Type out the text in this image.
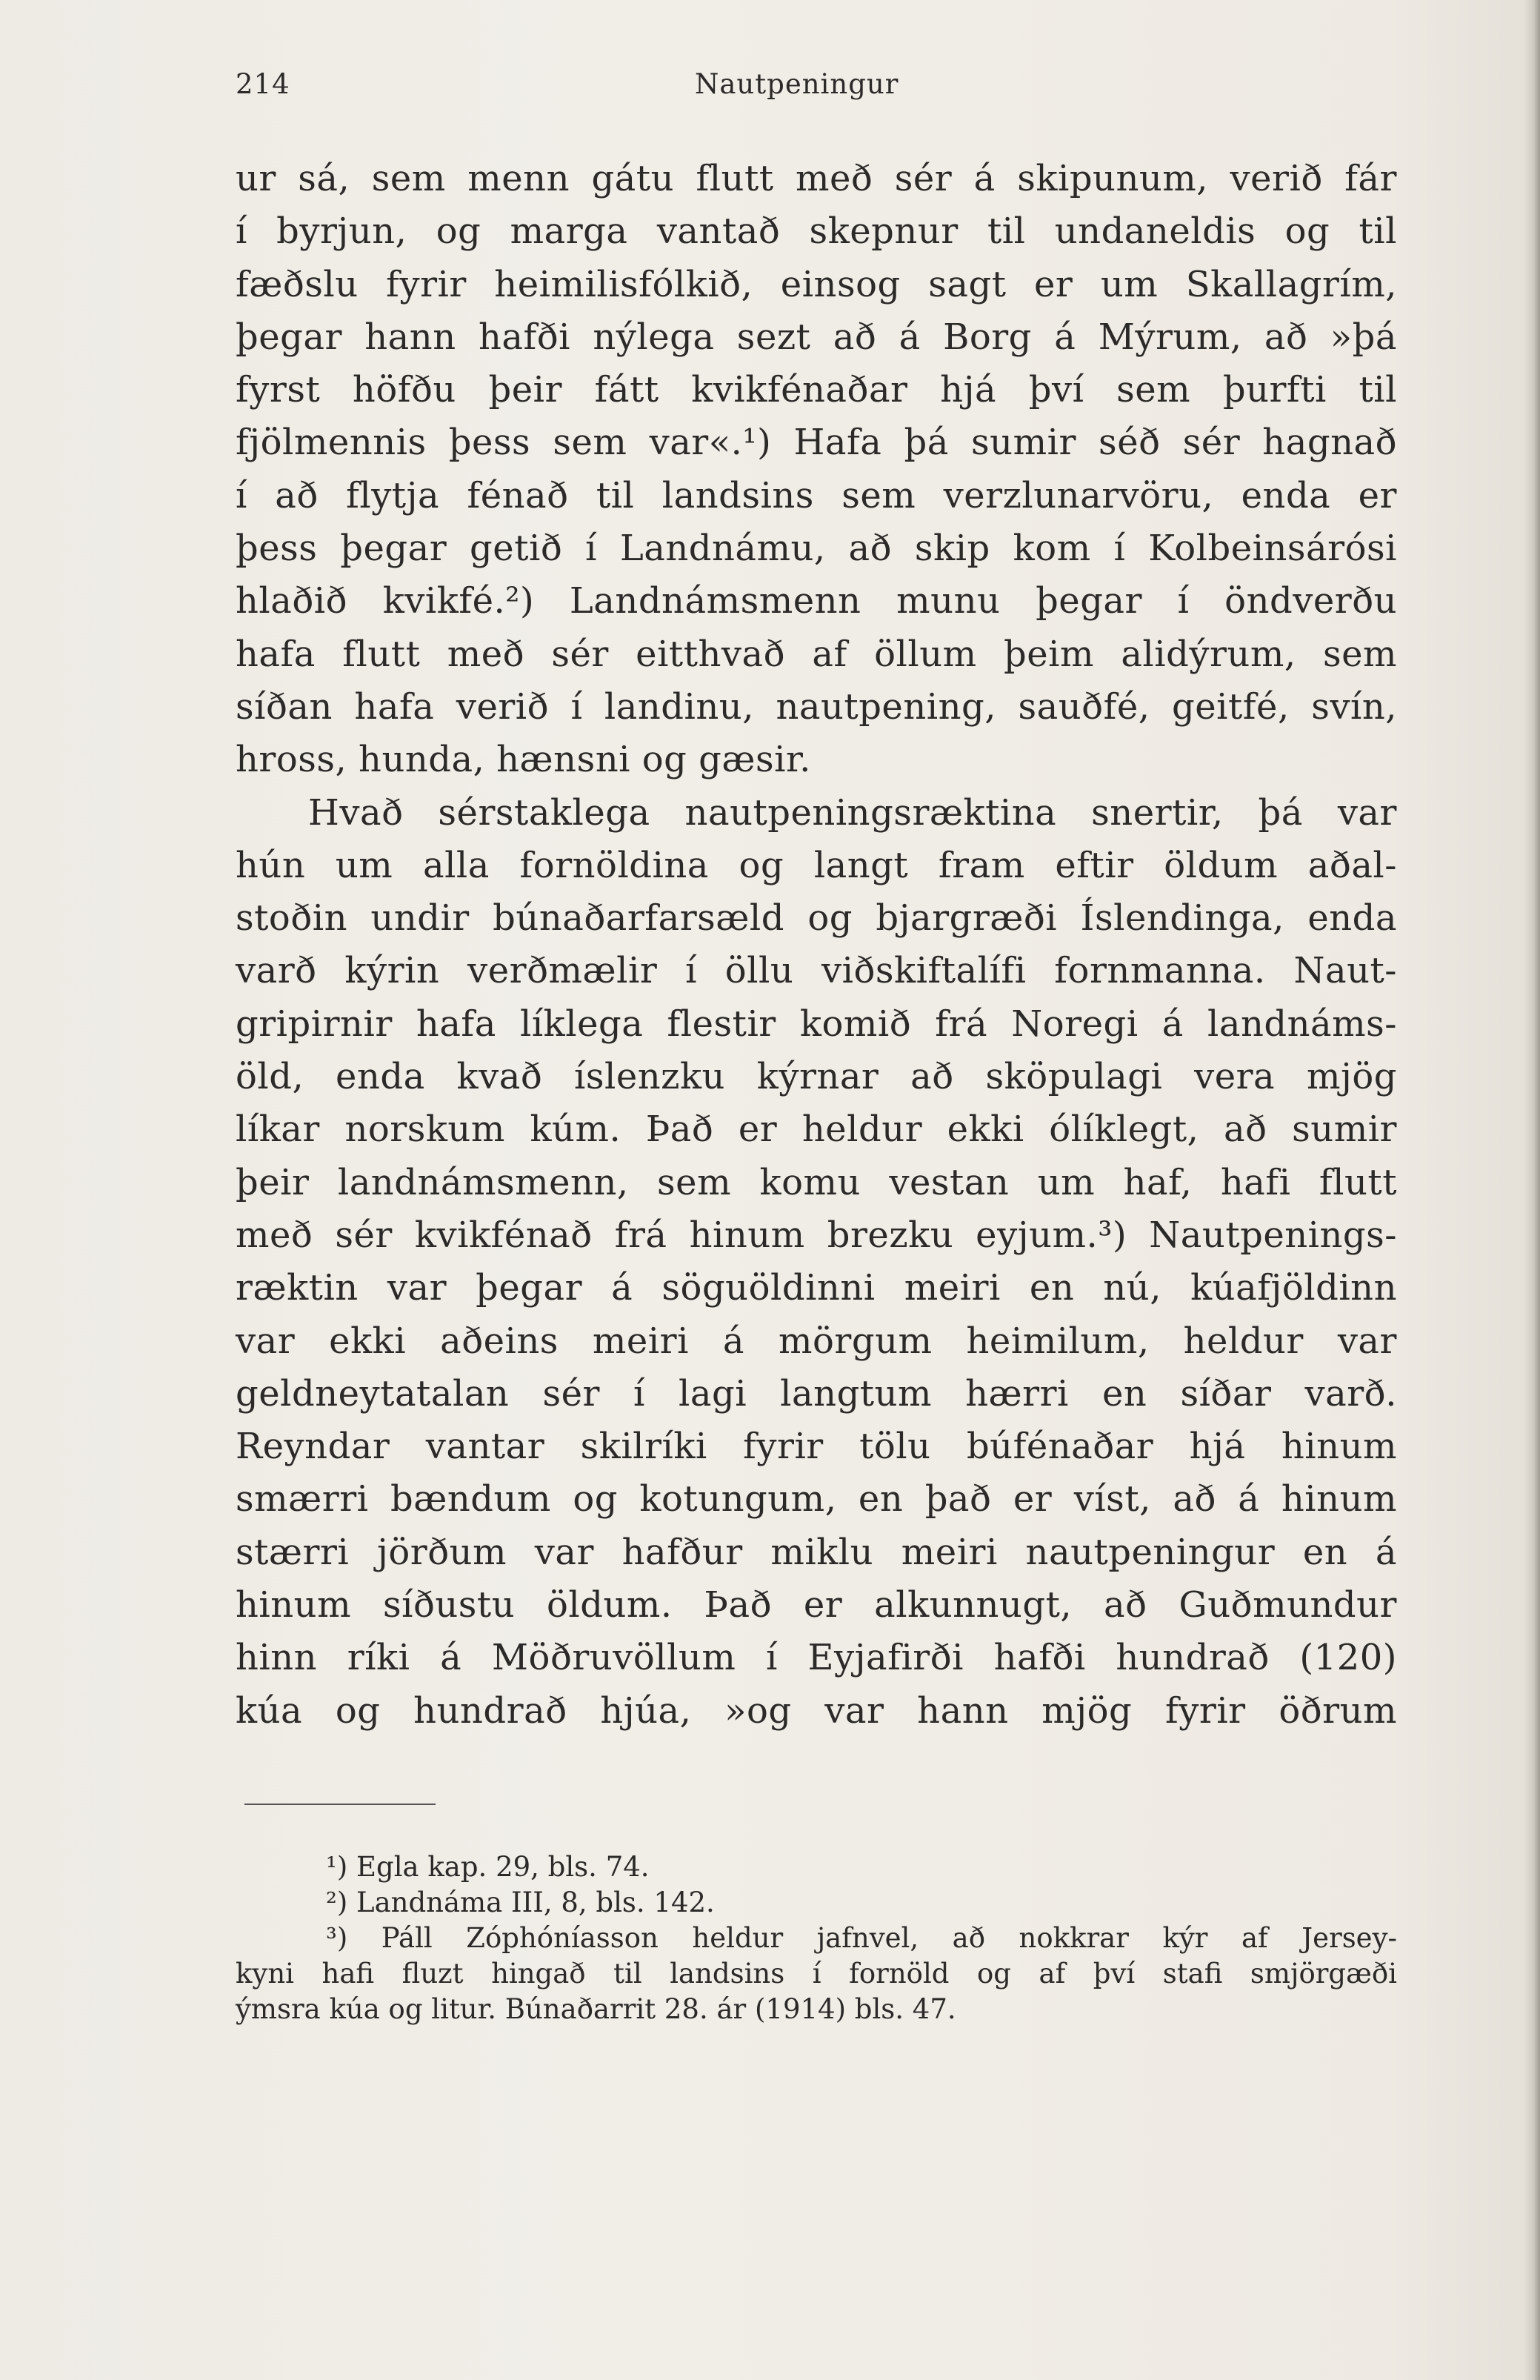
214	Nautpeningur
ur sá, sem menn gátu flutt með sér á skipunum, verið fár
í byrjun, og marga vantað skepnur til undaneldis og til
fæðslu fyrir heimilisfólkið, einsog sagt er um Skallagrím,
þegar hann hafði nýlega sezt að á Borg á Mýrum, að »þá
fyrst höfðu þeir fátt kvikfénaðar hjá því sem þurfti til
fjölmennis þess sem var«.¹) Hafa þá sumir séð sér hagnað
í að flytja fénað til landsins sem verzlunarvöru, enda er
þess þegar getið í Landnámu, að skip kom í Kolbeinsárósi
hlaðið kvikfé.²) Landnámsmenn munu þegar í öndverðu
hafa flutt með sér eitthvað af öllum þeim alidýrum, sem
síðan hafa verið í landinu, nautpening, sauðfé, geitfé, svín,
hross, hunda, hænsni og gæsir.
Hvað sérstaklega nautpeningsræktina snertir, þá var
hún um alla fornöldina og langt fram eftir öldum aðal-
stoðin undir búnaðarfarsæld og bjargræði Íslendinga, enda
varð kýrin verðmælir í öllu viðskiftalífi fornmanna. Naut-
gripirnir hafa líklega flestir komið frá Noregi á landnáms-
öld, enda kvað íslenzku kýrnar að sköpulagi vera mjög
líkar norskum kúm. Það er heldur ekki ólíklegt, að sumir
þeir landnámsmenn, sem komu vestan um haf, hafi flutt
með sér kvikfénað frá hinum brezku eyjum.³) Nautpenings-
ræktin var þegar á söguöldinni meiri en nú, kúafjöldinn
var ekki aðeins meiri á mörgum heimilum, heldur var
geldneytatalan sér í lagi langtum hærri en síðar varð.
Reyndar vantar skilríki fyrir tölu búfénaðar hjá hinum
smærri bændum og kotungum, en það er víst, að á hinum
stærri jörðum var hafður miklu meiri nautpeningur en á
hinum síðustu öldum. Það er alkunnugt, að Guðmundur
hinn ríki á Möðruvöllum í Eyjafirði hafði hundrað (120)
kúa og hundrað hjúa, »og var hann mjög fyrir öðrum
¹) Egla kap. 29, bls. 74.
²) Landnáma III, 8, bls. 142.
³) Páll Zóphóníasson heldur jafnvel, að nokkrar kýr af Jersey-
kyni hafi fluzt hingað til landsins í fornöld og af því stafi smjörgæði
ýmsra kúa og litur. Búnaðarrit 28. ár (1914) bls. 47.
